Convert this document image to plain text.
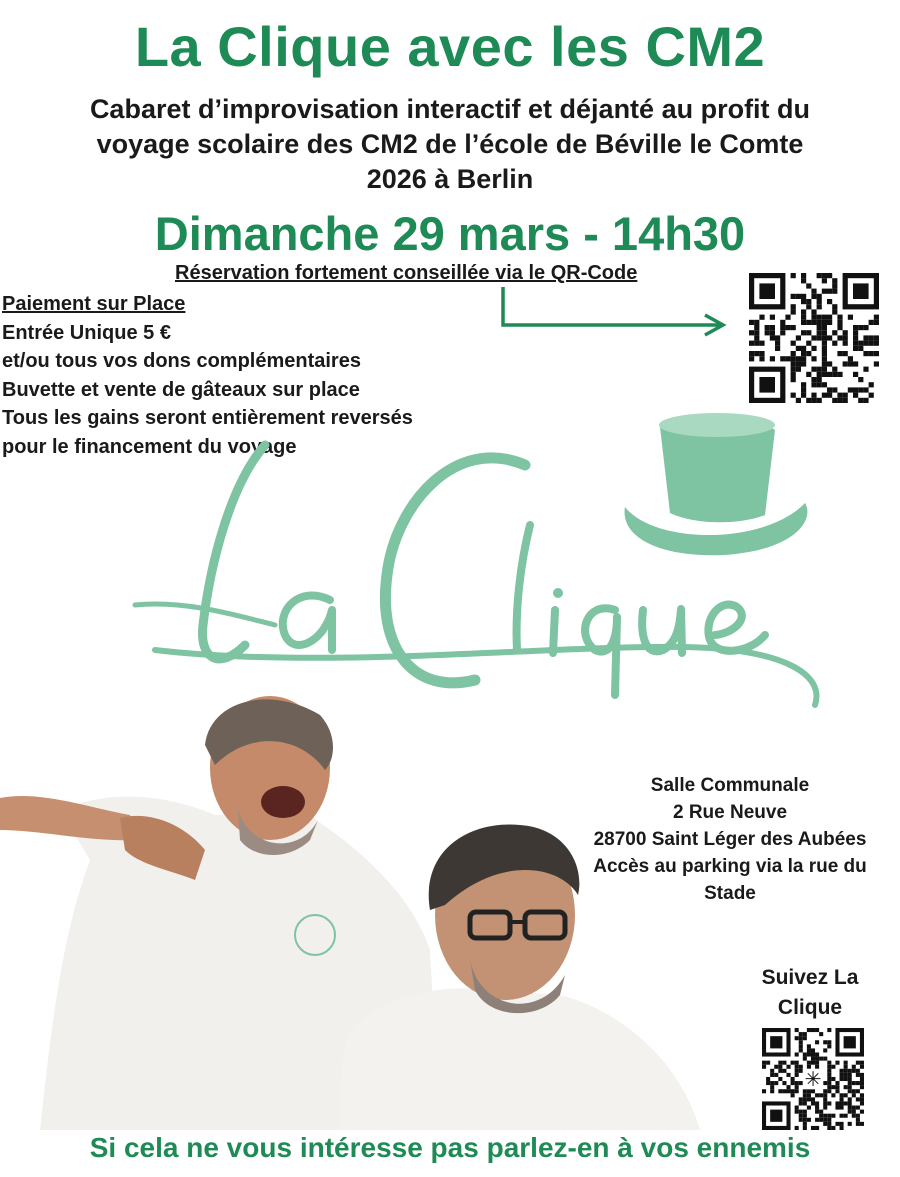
La Clique avec les CM2
Cabaret d’improvisation interactif et déjanté au profit du
voyage scolaire des CM2 de l’école de Béville le Comte
2026 à Berlin
Dimanche 29 mars - 14h30
Réservation fortement conseillée via le QR-Code
Paiement sur Place
Entrée Unique 5 €
et/ou tous vos dons complémentaires
Buvette et vente de gâteaux sur place
Tous les gains seront entièrement reversés
pour le financement du voyage
Salle Communale
2 Rue Neuve
28700 Saint Léger des Aubées
Accès au parking via la rue du
Stade
Suivez La
Clique
✳
Si cela ne vous intéresse pas parlez-en à vos ennemis
